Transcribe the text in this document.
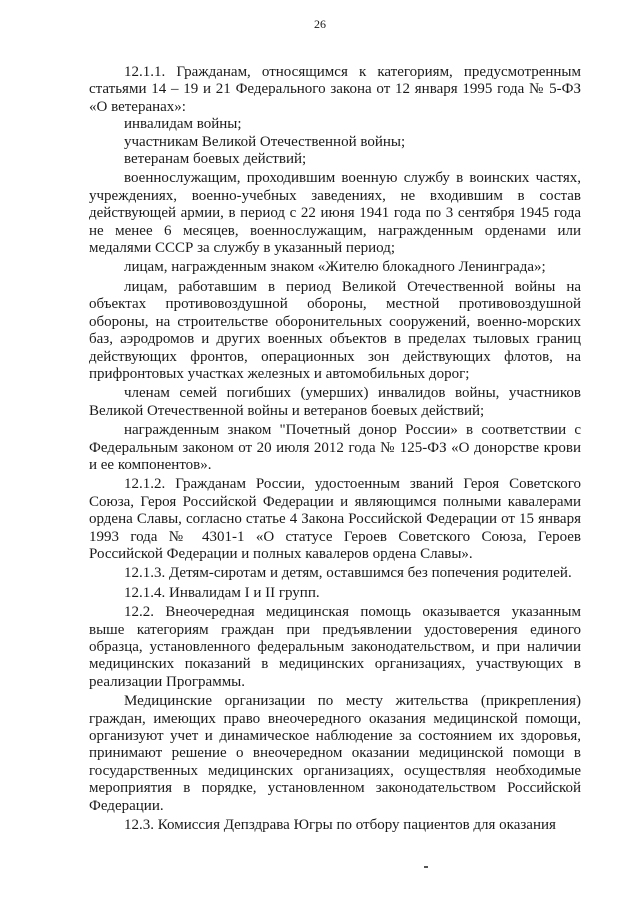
26

12.1.1. Гражданам, относящимся к категориям, предусмотренным статьями 14 – 19 и 21 Федерального закона от 12 января 1995 года № 5-ФЗ «О ветеранах»:

инвалидам войны;

участникам Великой Отечественной войны;

ветеранам боевых действий;

военнослужащим, проходившим военную службу в воинских частях, учреждениях, военно-учебных заведениях, не входившим в состав действующей армии, в период с 22 июня 1941 года по 3 сентября 1945 года не менее 6 месяцев, военнослужащим, награжденным орденами или медалями СССР за службу в указанный период;

лицам, награжденным знаком «Жителю блокадного Ленинграда»;

лицам, работавшим в период Великой Отечественной войны на объектах противовоздушной обороны, местной противовоздушной обороны, на строительстве оборонительных сооружений, военно-морских баз, аэродромов и других военных объектов в пределах тыловых границ действующих фронтов, операционных зон действующих флотов, на прифронтовых участках железных и автомобильных дорог;

членам семей погибших (умерших) инвалидов войны, участников Великой Отечественной войны и ветеранов боевых действий;

награжденным знаком "Почетный донор России» в соответствии с Федеральным законом от 20 июля 2012 года № 125-ФЗ «О донорстве крови и ее компонентов».

12.1.2. Гражданам России, удостоенным званий Героя Советского Союза, Героя Российской Федерации и являющимся полными кавалерами ордена Славы, согласно статье 4 Закона Российской Федерации от 15 января 1993 года № 4301-1 «О статусе Героев Советского Союза, Героев Российской Федерации и полных кавалеров ордена Славы».

12.1.3. Детям-сиротам и детям, оставшимся без попечения родителей.

12.1.4. Инвалидам I и II групп.

12.2. Внеочередная медицинская помощь оказывается указанным выше категориям граждан при предъявлении удостоверения единого образца, установленного федеральным законодательством, и при наличии медицинских показаний в медицинских организациях, участвующих в реализации Программы.

Медицинские организации по месту жительства (прикрепления) граждан, имеющих право внеочередного оказания медицинской помощи, организуют учет и динамическое наблюдение за состоянием их здоровья, принимают решение о внеочередном оказании медицинской помощи в государственных медицинских организациях, осуществляя необходимые мероприятия в порядке, установленном законодательством Российской Федерации.

12.3. Комиссия Депздрава Югры по отбору пациентов для оказания
